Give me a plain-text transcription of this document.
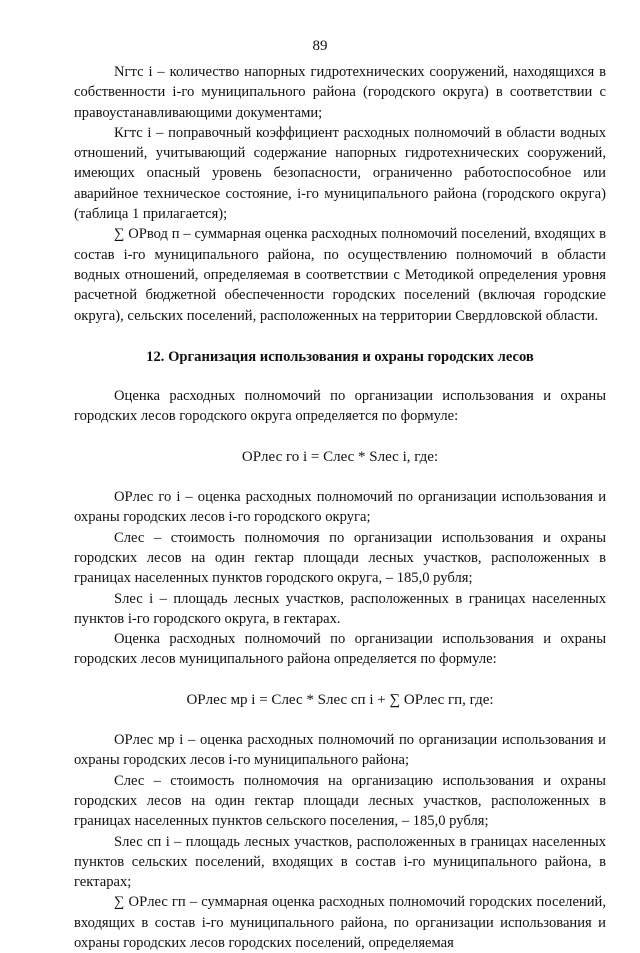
89

Nгтс i – количество напорных гидротехнических сооружений, находящихся в собственности i-го муниципального района (городского округа) в соответствии с правоустанавливающими документами;

Кгтс i – поправочный коэффициент расходных полномочий в области водных отношений, учитывающий содержание напорных гидротехнических сооружений, имеющих опасный уровень безопасности, ограниченно работоспособное или аварийное техническое состояние, i-го муниципального района (городского округа) (таблица 1 прилагается);

∑ ОРвод п – суммарная оценка расходных полномочий поселений, входящих в состав i-го муниципального района, по осуществлению полномочий в области водных отношений, определяемая в соответствии с Методикой определения уровня расчетной бюджетной обеспеченности городских поселений (включая городские округа), сельских поселений, расположенных на территории Свердловской области.

12. Организация использования и охраны городских лесов

Оценка расходных полномочий по организации использования и охраны городских лесов городского округа определяется по формуле:

ОРлес го i = Слес * Sлес i, где:

ОРлес го i – оценка расходных полномочий по организации использования и охраны городских лесов i-го городского округа;

Слес – стоимость полномочия по организации использования и охраны городских лесов на один гектар площади лесных участков, расположенных в границах населенных пунктов городского округа, – 185,0 рубля;

Sлес i – площадь лесных участков, расположенных в границах населенных пунктов i-го городского округа, в гектарах.

Оценка расходных полномочий по организации использования и охраны городских лесов муниципального района определяется по формуле:

ОРлес мр i = Слес * Sлес сп i + ∑ ОРлес гп, где:

ОРлес мр i – оценка расходных полномочий по организации использования и охраны городских лесов i-го муниципального района;

Слес – стоимость полномочия на организацию использования и охраны городских лесов на один гектар площади лесных участков, расположенных в границах населенных пунктов сельского поселения, – 185,0 рубля;

Sлес сп i – площадь лесных участков, расположенных в границах населенных пунктов сельских поселений, входящих в состав i-го муниципального района, в гектарах;

∑ ОРлес гп – суммарная оценка расходных полномочий городских поселений, входящих в состав i-го муниципального района, по организации использования и охраны городских лесов городских поселений, определяемая
